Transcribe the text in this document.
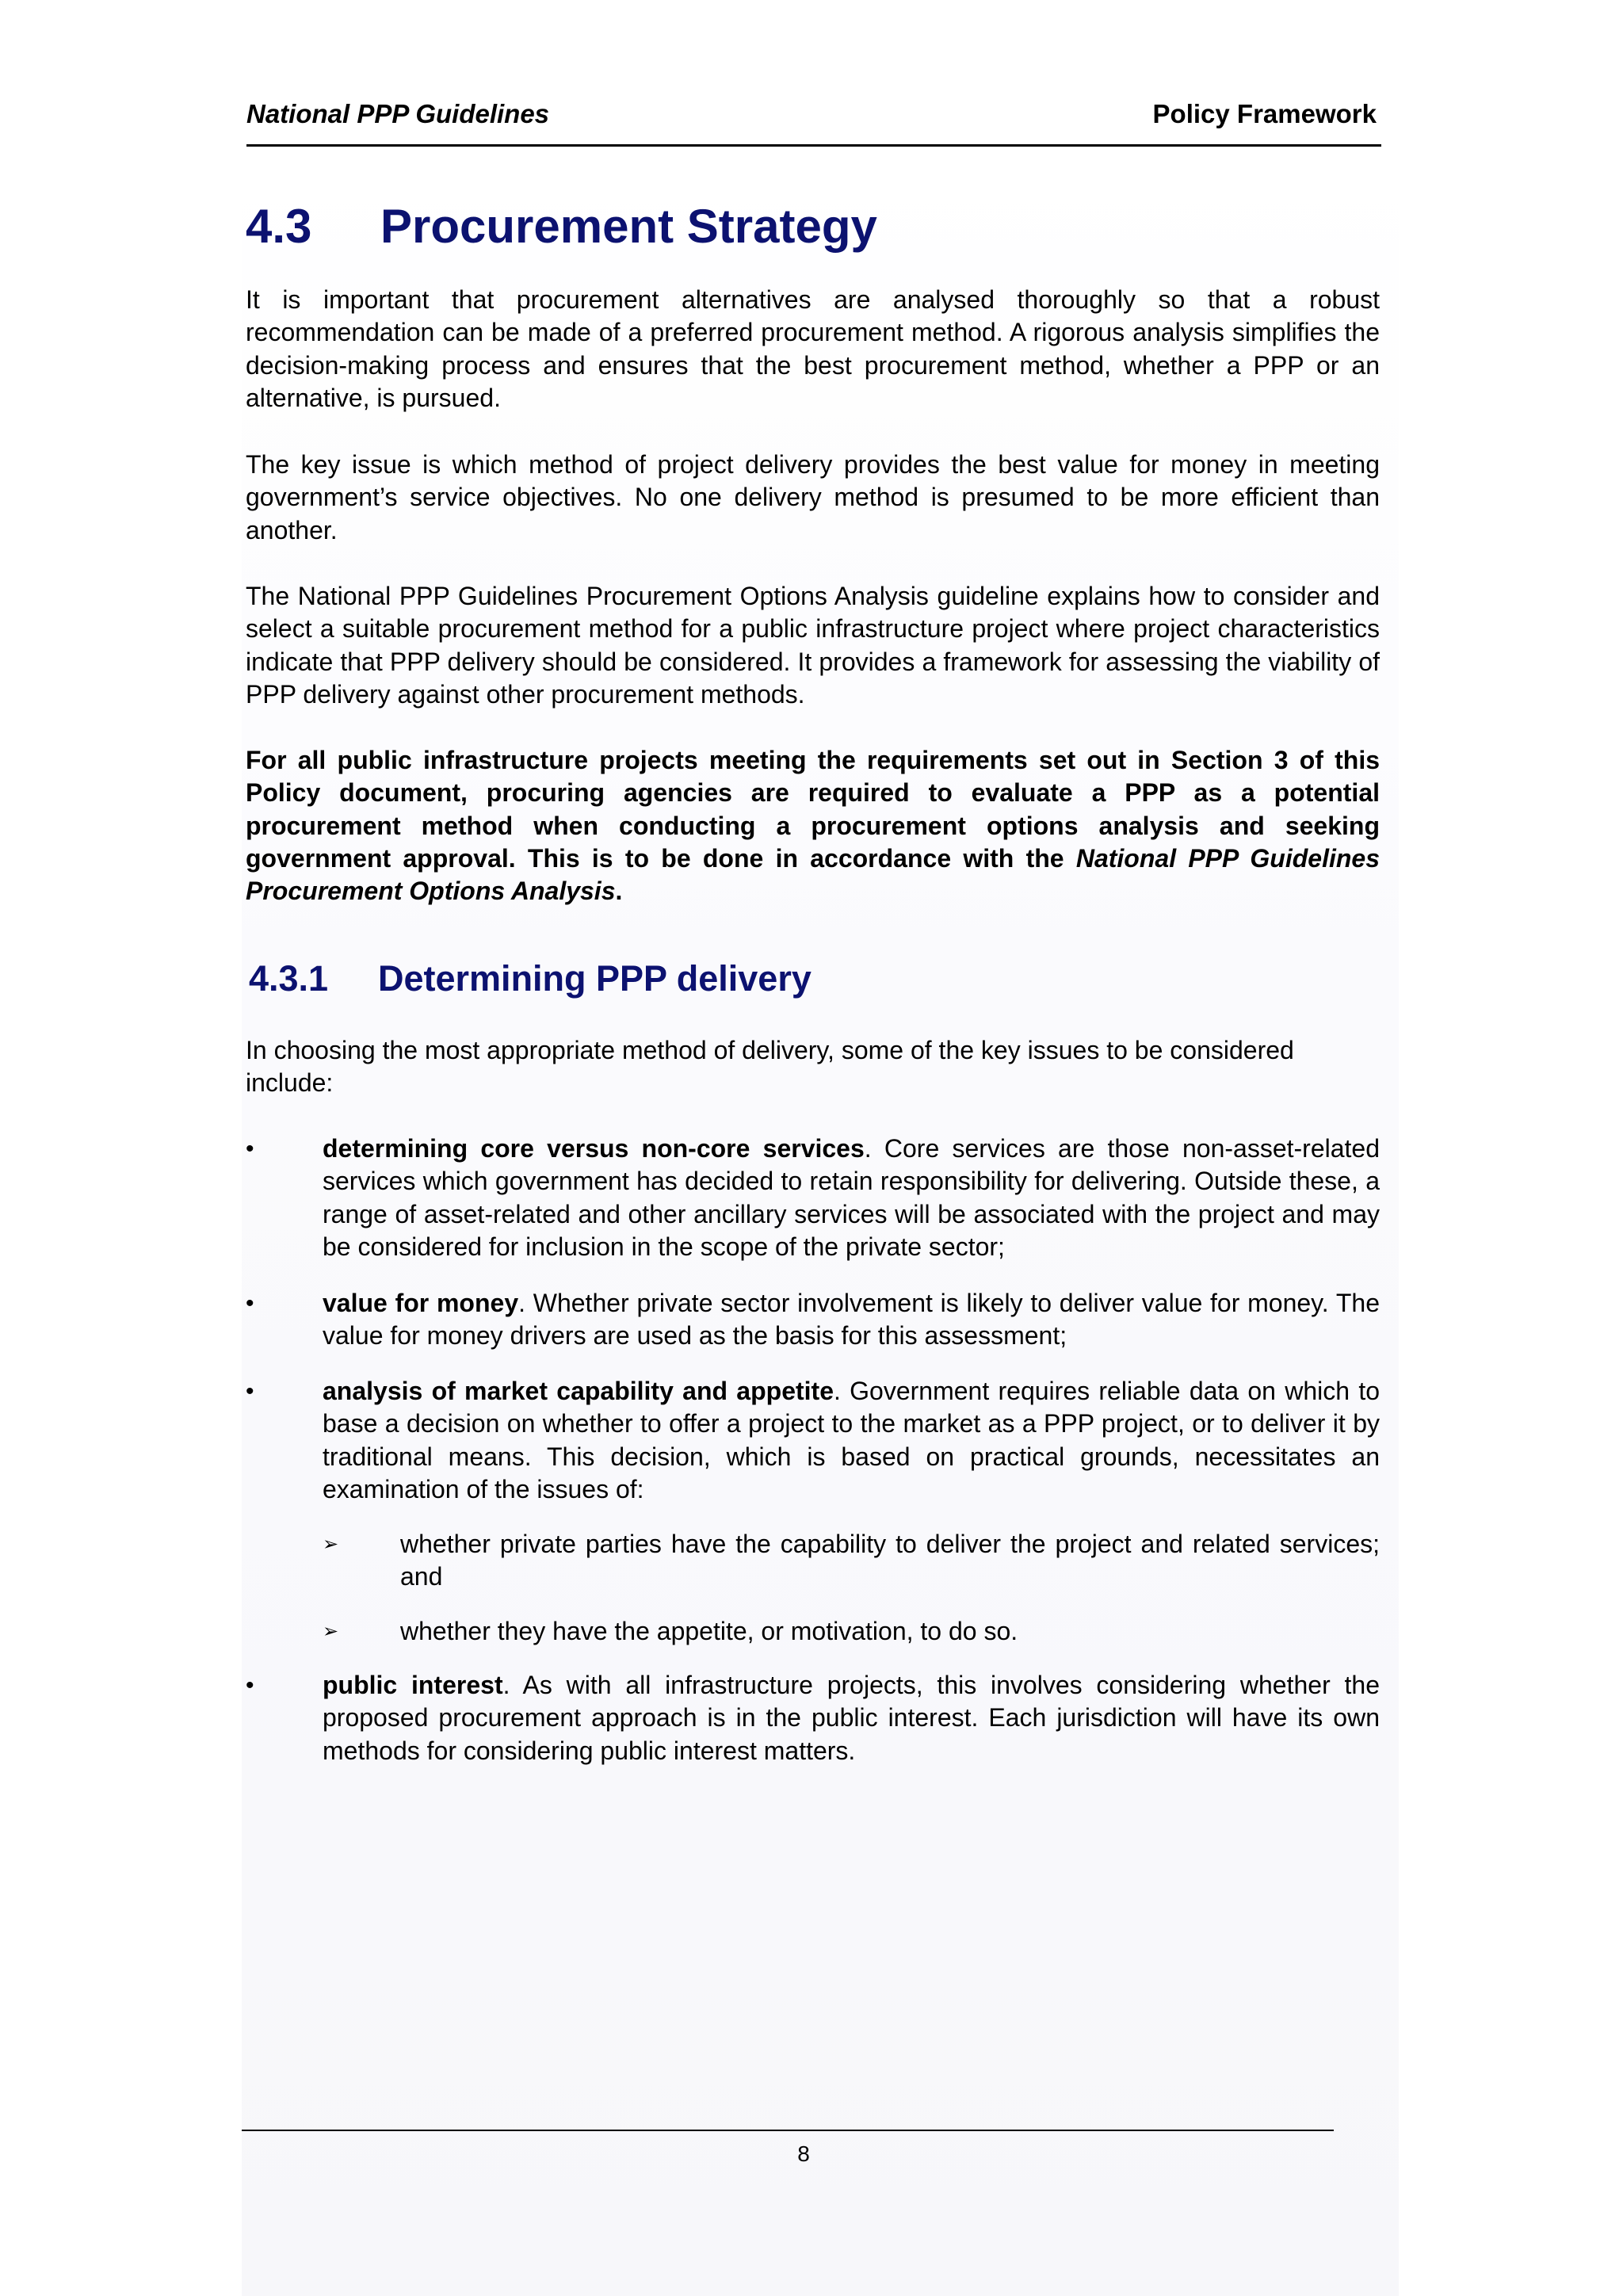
National PPP Guidelines	Policy Framework
4.3 Procurement Strategy

It is important that procurement alternatives are analysed thoroughly so that a robust recommendation can be made of a preferred procurement method. A rigorous analysis simplifies the decision-making process and ensures that the best procurement method, whether a PPP or an alternative, is pursued.

The key issue is which method of project delivery provides the best value for money in meeting government’s service objectives. No one delivery method is presumed to be more efficient than another.

The National PPP Guidelines Procurement Options Analysis guideline explains how to consider and select a suitable procurement method for a public infrastructure project where project characteristics indicate that PPP delivery should be considered. It provides a framework for assessing the viability of PPP delivery against other procurement methods.

For all public infrastructure projects meeting the requirements set out in Section 3 of this Policy document, procuring agencies are required to evaluate a PPP as a potential procurement method when conducting a procurement options analysis and seeking government approval. This is to be done in accordance with the National PPP Guidelines Procurement Options Analysis.

4.3.1 Determining PPP delivery

In choosing the most appropriate method of delivery, some of the key issues to be considered include:

•	determining core versus non-core services. Core services are those non-asset-related services which government has decided to retain responsibility for delivering. Outside these, a range of asset-related and other ancillary services will be associated with the project and may be considered for inclusion in the scope of the private sector;
•	value for money. Whether private sector involvement is likely to deliver value for money. The value for money drivers are used as the basis for this assessment;
•	analysis of market capability and appetite. Government requires reliable data on which to base a decision on whether to offer a project to the market as a PPP project, or to deliver it by traditional means. This decision, which is based on practical grounds, necessitates an examination of the issues of:
➢ whether private parties have the capability to deliver the project and related services; and
➢ whether they have the appetite, or motivation, to do so.
•	public interest. As with all infrastructure projects, this involves considering whether the proposed procurement approach is in the public interest. Each jurisdiction will have its own methods for considering public interest matters.
8
